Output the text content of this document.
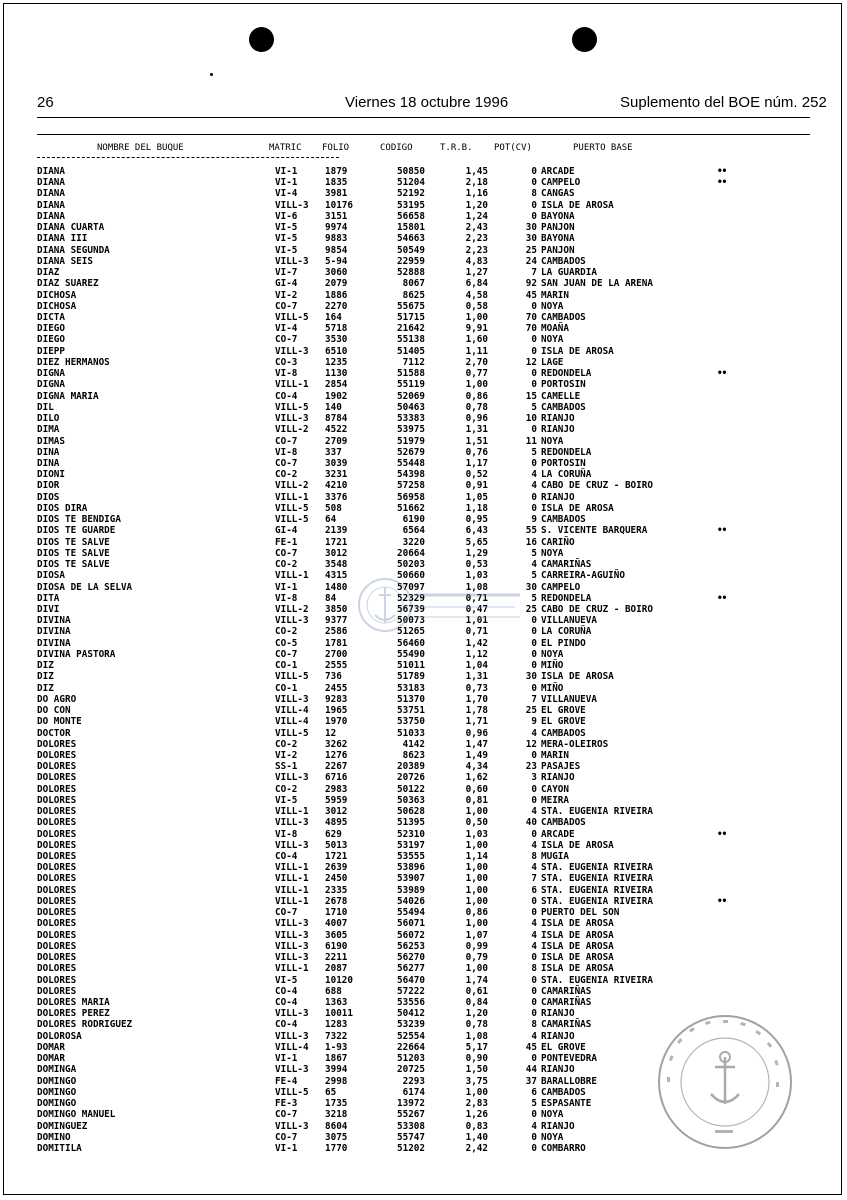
26	Viernes 18 octubre 1996	Suplemento del BOE núm. 252
NOMBRE DEL BUQUE	MATRIC FOLIO	CODIGO	T.R.B. POT(CV)	PUERTO BASE
DIANA	VI-1	1879	50850	1,45	0 ARCADE	••
DIANA	VI-1	1835	51204	2,18	0 CAMPELO	••
DIANA	VI-4	3981	52192	1,16	8 CANGAS
DIANA	VILL-3 10176	53195	1,20	0 ISLA DE AROSA
DIANA	VI-6	3151	56658	1,24	0 BAYONA
DIANA CUARTA	VI-5	9974	15801	2,43	30 PANJON
DIANA III	VI-5	9883	54663	2,23	30 BAYONA
DIANA SEGUNDA	VI-5	9854	50549	2,23	25 PANJON
DIANA SEIS	VILL-3 5-94	22959	4,83	24 CAMBADOS
DIAZ	VI-7	3060	52888	1,27	7 LA GUARDIA
DIAZ SUAREZ	GI-4	2079	8067	6,84	92 SAN JUAN DE LA ARENA
DICHOSA	VI-2	1886	8625	4,58	45 MARIN
DICHOSA	CO-7	2270	55675	0,58	0 NOYA
DICTA	VILL-5 164	51715	1,00	70 CAMBADOS
DIEGO	VI-4	5718	21642	9,91	70 MOAÑA
DIEGO	CO-7	3530	55138	1,60	0 NOYA
DIEPP	VILL-3 6510	51405	1,11	0 ISLA DE AROSA
DIEZ HERMANOS	CO-3	1235	7112	2,70	12 LAGE
DIGNA	VI-8	1130	51588	0,77	0 REDONDELA	••
DIGNA	VILL-1 2854	55119	1,00	0 PORTOSIN
DIGNA MARIA	CO-4	1902	52069	0,86	15 CAMELLE
DIL	VILL-5 140	50463	0,78	5 CAMBADOS
DILO	VILL-3 8784	53383	0,96	10 RIANJO
DIMA	VILL-2 4522	53975	1,31	0 RIANJO
DIMAS	CO-7	2709	51979	1,51	11 NOYA
DINA	VI-8	337	52679	0,76	5 REDONDELA
DINA	CO-7	3039	55448	1,17	0 PORTOSIN
DIONI	CO-2	3231	54398	0,52	4 LA CORUÑA
DIOR	VILL-2 4210	57258	0,91	4 CABO DE CRUZ - BOIRO
DIOS	VILL-1 3376	56958	1,05	0 RIANJO
DIOS DIRA	VILL-5 508	51662	1,18	0 ISLA DE AROSA
DIOS TE BENDIGA	VILL-5 64	6190	0,95	9 CAMBADOS
DIOS TE GUARDE	GI-4	2139	6564	6,43	55 S. VICENTE BARQUERA	••
DIOS TE SALVE	FE-1	1721	3220	5,65	16 CARIÑO
DIOS TE SALVE	CO-7	3012	20664	1,29	5 NOYA
DIOS TE SALVE	CO-2	3548	50203	0,53	4 CAMARIÑAS
DIOSA	VILL-1 4315	50660	1,03	5 CARREIRA-AGUIÑO
DIOSA DE LA SELVA	VI-1	1480	57097	1,08	30 CAMPELO
DITA	VI-8	84	52329	0,71	5 REDONDELA	••
DIVI	VILL-2 3850	56739	0,47	25 CABO DE CRUZ - BOIRO
DIVINA	VILL-3 9377	50073	1,01	0 VILLANUEVA
DIVINA	CO-2	2586	51265	0,71	0 LA CORUÑA
DIVINA	CO-5	1781	56460	1,42	0 EL PINDO
DIVINA PASTORA	CO-7	2700	55490	1,12	0 NOYA
DIZ	CO-1	2555	51011	1,04	0 MIÑO
DIZ	VILL-5 736	51789	1,31	30 ISLA DE AROSA
DIZ	CO-1	2455	53183	0,73	0 MIÑO
DO AGRO	VILL-3 9283	51370	1,70	7 VILLANUEVA
DO CON	VILL-4 1965	53751	1,78	25 EL GROVE
DO MONTE	VILL-4 1970	53750	1,71	9 EL GROVE
DOCTOR	VILL-5 12	51033	0,96	4 CAMBADOS
DOLORES	CO-2	3262	4142	1,47	12 MERA-OLEIROS
DOLORES	VI-2	1276	8623	1,49	0 MARIN
DOLORES	SS-1	2267	20389	4,34	23 PASAJES
DOLORES	VILL-3 6716	20726	1,62	3 RIANJO
DOLORES	CO-2	2983	50122	0,60	0 CAYON
DOLORES	VI-5	5959	50363	0,81	0 MEIRA
DOLORES	VILL-1 3012	50628	1,00	4 STA. EUGENIA RIVEIRA
DOLORES	VILL-3 4895	51395	0,50	40 CAMBADOS
DOLORES	VI-8	629	52310	1,03	0 ARCADE	••
DOLORES	VILL-3 5013	53197	1,00	4 ISLA DE AROSA
DOLORES	CO-4	1721	53555	1,14	8 MUGIA
DOLORES	VILL-1 2639	53896	1,00	4 STA. EUGENIA RIVEIRA
DOLORES	VILL-1 2450	53907	1,00	7 STA. EUGENIA RIVEIRA
DOLORES	VILL-1 2335	53989	1,00	6 STA. EUGENIA RIVEIRA
DOLORES	VILL-1 2678	54026	1,00	0 STA. EUGENIA RIVEIRA	••
DOLORES	CO-7	1710	55494	0,86	0 PUERTO DEL SON
DOLORES	VILL-3 4007	56071	1,00	4 ISLA DE AROSA
DOLORES	VILL-3 3605	56072	1,07	4 ISLA DE AROSA
DOLORES	VILL-3 6190	56253	0,99	4 ISLA DE AROSA
DOLORES	VILL-3 2211	56270	0,79	0 ISLA DE AROSA
DOLORES	VILL-1 2087	56277	1,00	8 ISLA DE AROSA
DOLORES	VI-5	10120	56470	1,74	0 STA. EUGENIA RIVEIRA
DOLORES	CO-4	688	57222	0,61	0 CAMARIÑAS
DOLORES MARIA	CO-4	1363	53556	0,84	0 CAMARIÑAS
DOLORES PEREZ	VILL-3 10011	50412	1,20	0 RIANJO
DOLORES RODRIGUEZ	CO-4	1283	53239	0,78	8 CAMARIÑAS
DOLOROSA	VILL-3 7322	52554	1,08	4 RIANJO
DOMAR	VILL-4 1-93	22664	5,17	45 EL GROVE
DOMAR	VI-1	1867	51203	0,90	0 PONTEVEDRA
DOMINGA	VILL-3 3994	20725	1,50	44 RIANJO
DOMINGO	FE-4	2998	2293	3,75	37 BARALLOBRE
DOMINGO	VILL-5 65	6174	1,00	6 CAMBADOS
DOMINGO	FE-3	1735	13972	2,83	5 ESPASANTE
DOMINGO MANUEL	CO-7	3218	55267	1,26	0 NOYA
DOMINGUEZ	VILL-3 8604	53308	0,83	4 RIANJO
DOMINO	CO-7	3075	55747	1,40	0 NOYA
DOMITILA	VI-1	1770	51202	2,42	0 COMBARRO
